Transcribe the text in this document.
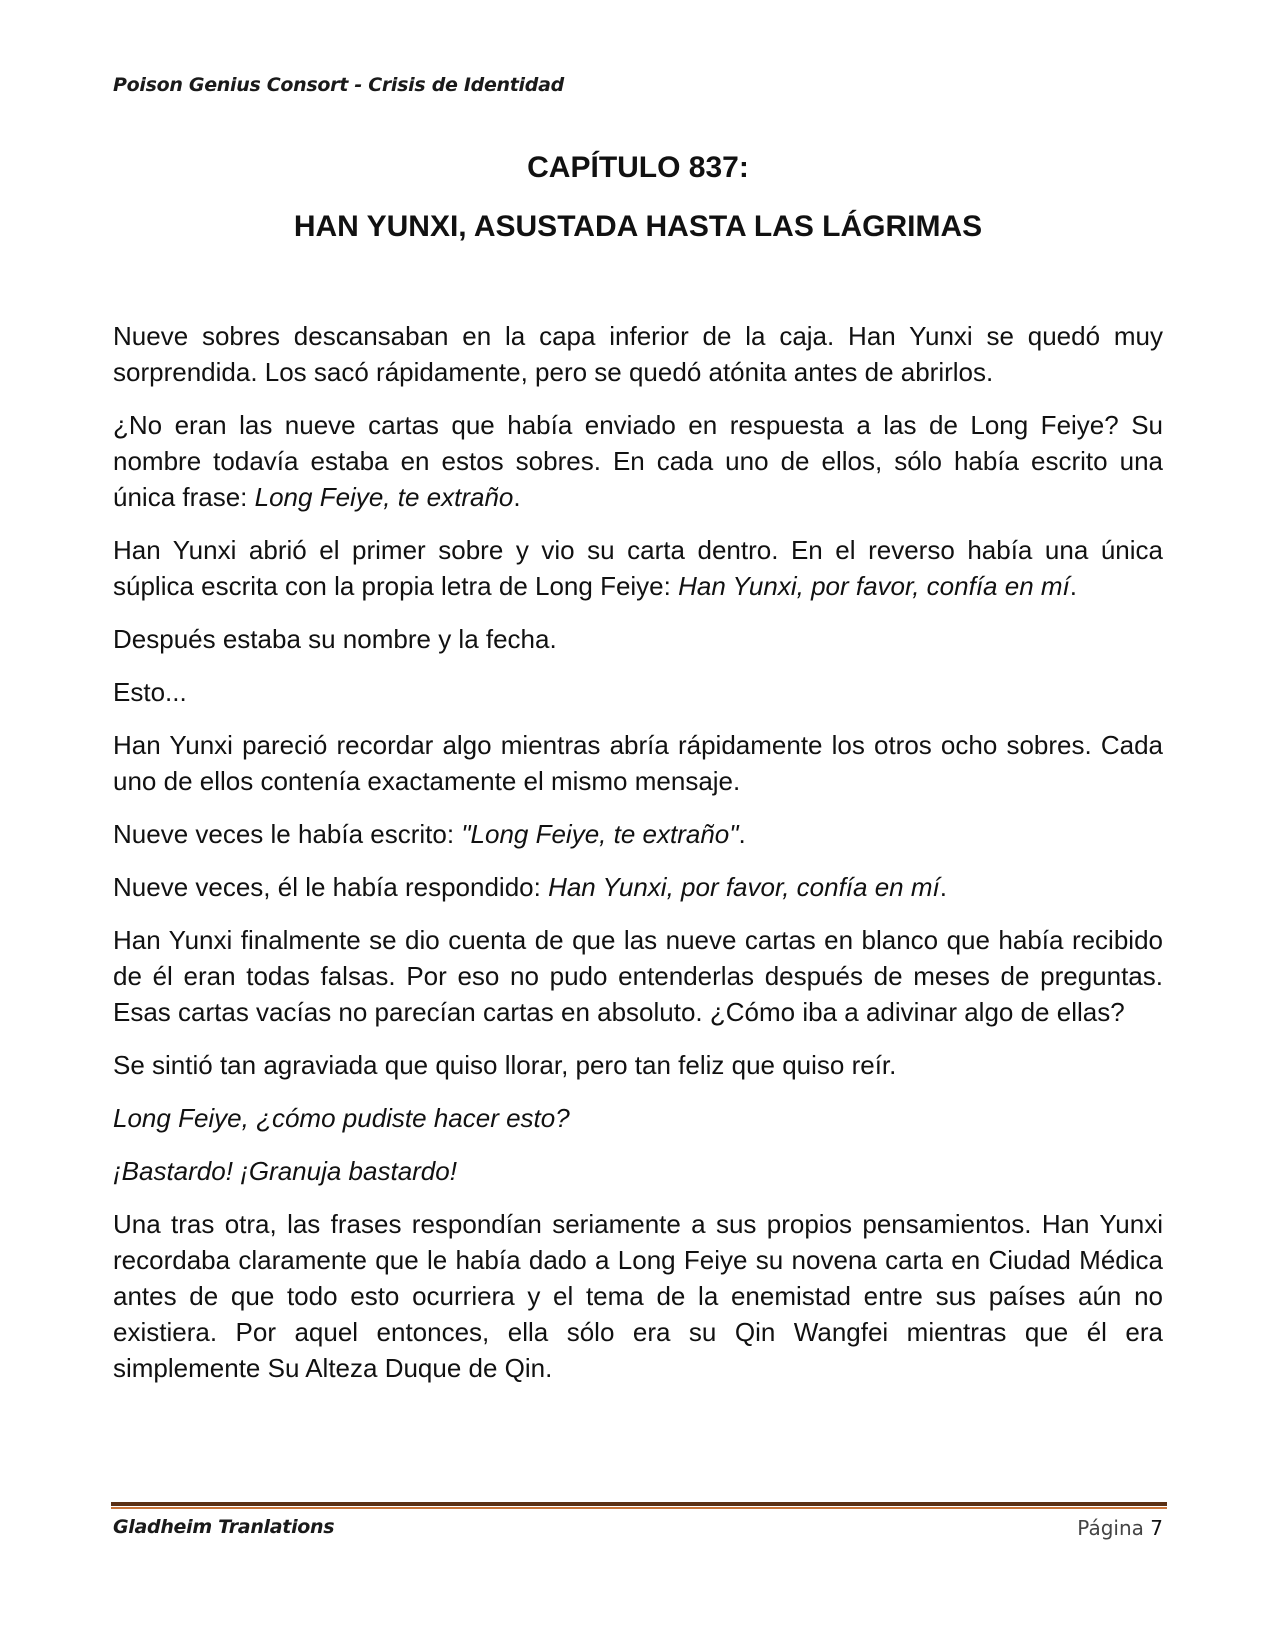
Poison Genius Consort - Crisis de Identidad
CAPÍTULO 837:
HAN YUNXI, ASUSTADA HASTA LAS LÁGRIMAS

Nueve sobres descansaban en la capa inferior de la caja. Han Yunxi se quedó muy sorprendida. Los sacó rápidamente, pero se quedó atónita antes de abrirlos.

¿No eran las nueve cartas que había enviado en respuesta a las de Long Feiye? Su nombre todavía estaba en estos sobres. En cada uno de ellos, sólo había escrito una única frase: Long Feiye, te extraño.

Han Yunxi abrió el primer sobre y vio su carta dentro. En el reverso había una única súplica escrita con la propia letra de Long Feiye: Han Yunxi, por favor, confía en mí.

Después estaba su nombre y la fecha.

Esto...

Han Yunxi pareció recordar algo mientras abría rápidamente los otros ocho sobres. Cada uno de ellos contenía exactamente el mismo mensaje.

Nueve veces le había escrito: "Long Feiye, te extraño".

Nueve veces, él le había respondido: Han Yunxi, por favor, confía en mí.

Han Yunxi finalmente se dio cuenta de que las nueve cartas en blanco que había recibido de él eran todas falsas. Por eso no pudo entenderlas después de meses de preguntas. Esas cartas vacías no parecían cartas en absoluto. ¿Cómo iba a adivinar algo de ellas?

Se sintió tan agraviada que quiso llorar, pero tan feliz que quiso reír.

Long Feiye, ¿cómo pudiste hacer esto?

¡Bastardo! ¡Granuja bastardo!

Una tras otra, las frases respondían seriamente a sus propios pensamientos. Han Yunxi recordaba claramente que le había dado a Long Feiye su novena carta en Ciudad Médica antes de que todo esto ocurriera y el tema de la enemistad entre sus países aún no existiera. Por aquel entonces, ella sólo era su Qin Wangfei mientras que él era simplemente Su Alteza Duque de Qin.

Gladheim Tranlations	Página 7
